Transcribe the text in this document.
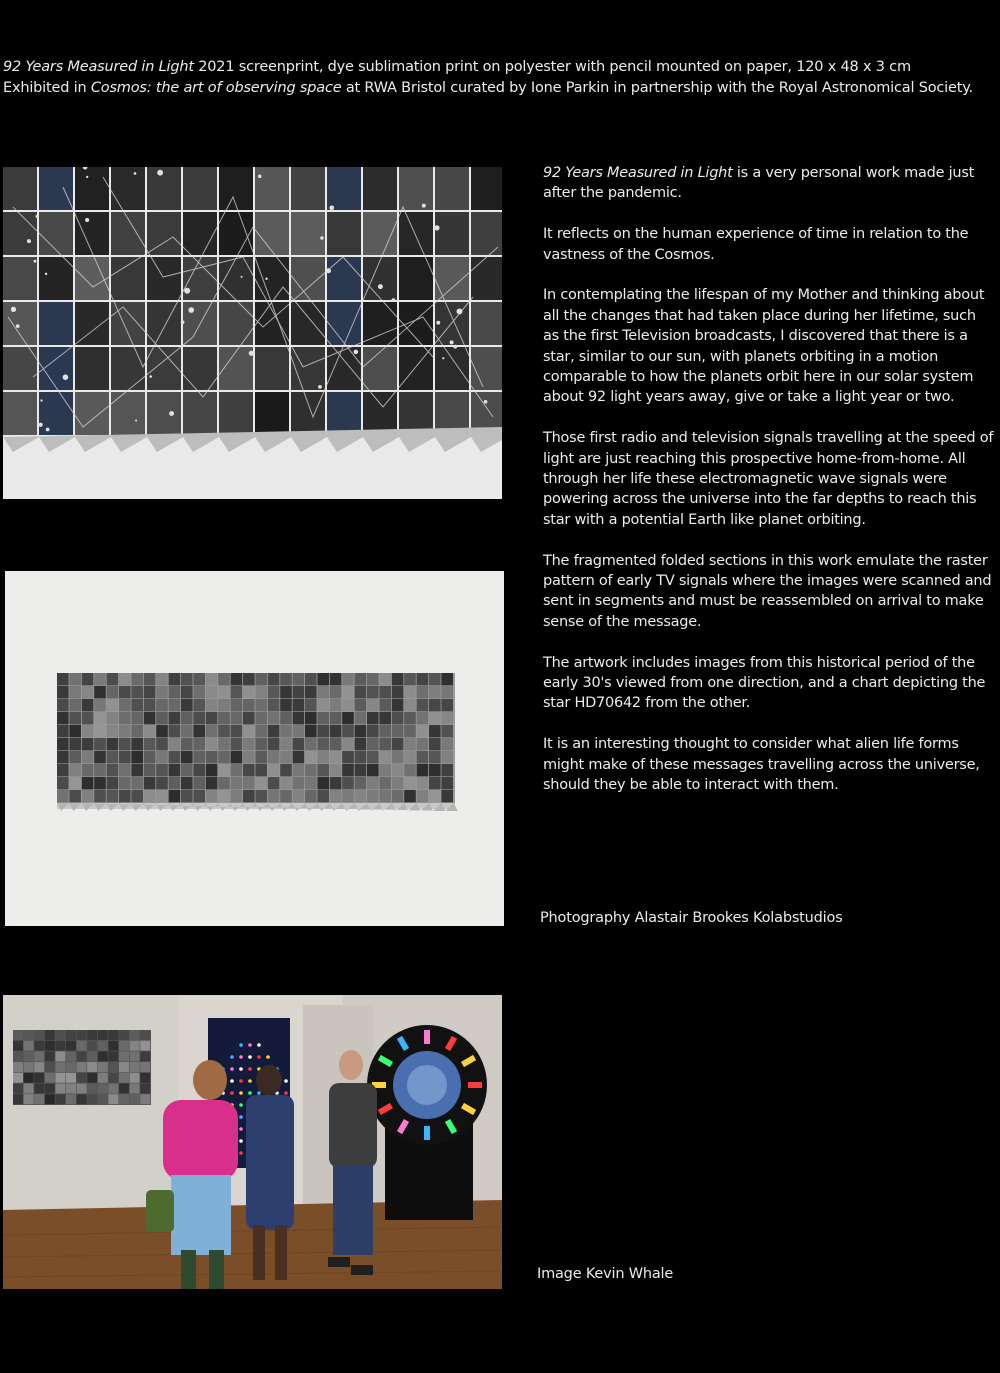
92 Years Measured in Light 2021 screenprint, dye sublimation print on polyester with pencil mounted on paper, 120 x 48 x 3 cm
Exhibited in Cosmos: the art of observing space at RWA Bristol curated by Ione Parkin in partnership with the Royal Astronomical Society.

92 Years Measured in Light is a very personal work made just after the pandemic.

It reflects on the human experience of time in relation to the vastness of the Cosmos.

In contemplating the lifespan of my Mother and thinking about all the changes that had taken place during her lifetime, such as the first Television broadcasts, I discovered that there is a star, similar to our sun, with planets orbiting in a motion comparable to how the planets orbit here in our solar system about 92 light years away, give or take a light year or two.

Those first radio and television signals travelling at the speed of light are just reaching this prospective home-from-home. All through her life these electromagnetic wave signals were powering across the universe into the far depths to reach this star with a potential Earth like planet orbiting.

The fragmented folded sections in this work emulate the raster pattern of early TV signals where the images were scanned and sent in segments and must be reassembled on arrival to make sense of the message.

The artwork includes images from this historical period of the early 30's viewed from one direction, and a chart depicting the star HD70642 from the other.

It is an interesting thought to consider what alien life forms might make of these messages travelling across the universe, should they be able to interact with them.

Photography Alastair Brookes Kolabstudios
Image Kevin Whale
